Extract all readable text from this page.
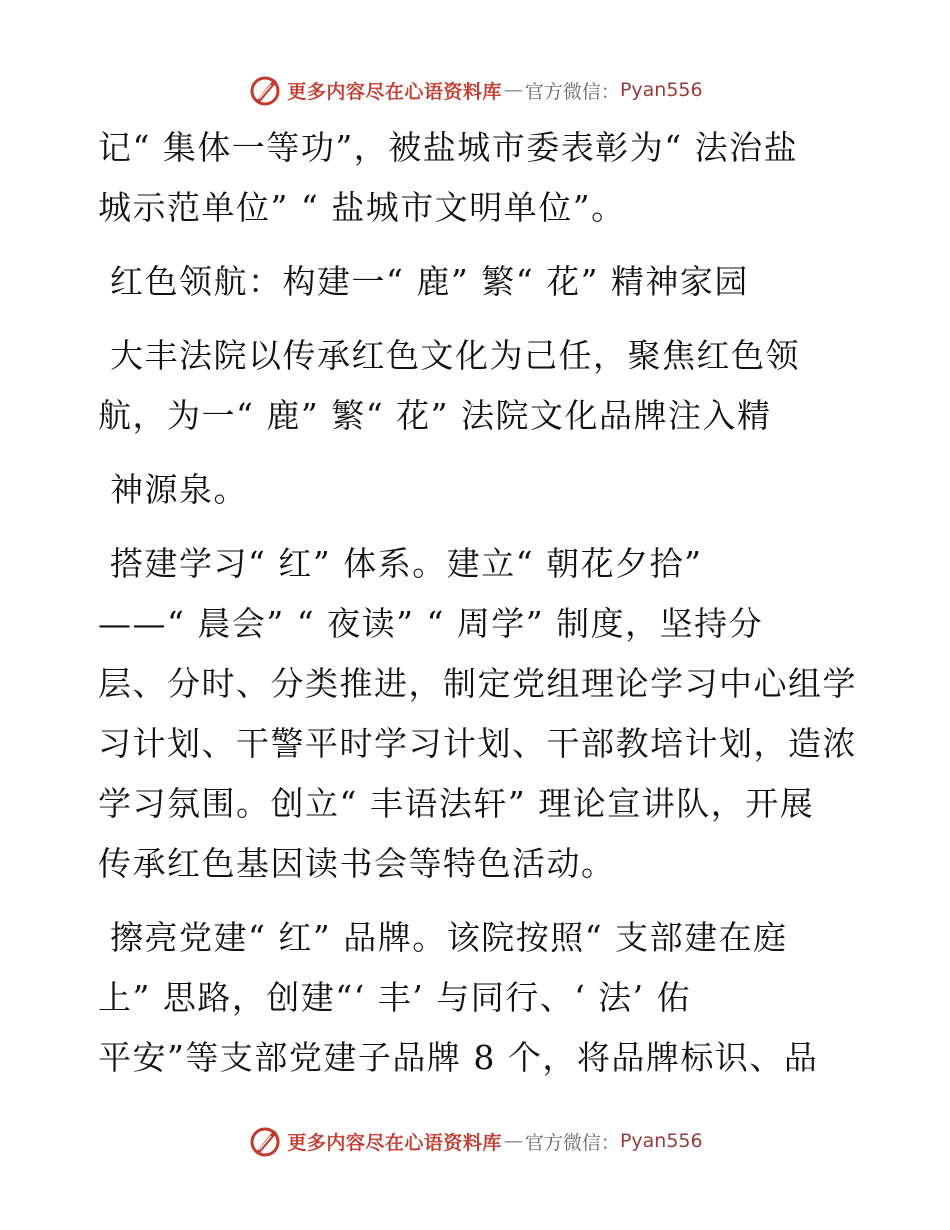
更多内容尽在心语资料库 — 官方微信： Pyan556
记“ 集体一等功”，被盐城市委表彰为“ 法治盐
城示范单位” “ 盐城市文明单位”。
红色领航：构建一“ 鹿” 繁“ 花” 精神家园
大丰法院以传承红色文化为己任，聚焦红色领
航，为一“ 鹿” 繁“ 花” 法院文化品牌注入精
神源泉。
搭建学习“ 红” 体系。建立“ 朝花夕拾”
——“ 晨会” “ 夜读” “ 周学” 制度，坚持分
层、分时、分类推进，制定党组理论学习中心组学
习计划、干警平时学习计划、干部教培计划，造浓
学习氛围。创立“ 丰语法轩” 理论宣讲队，开展
传承红色基因读书会等特色活动。
擦亮党建“ 红” 品牌。该院按照“ 支部建在庭
上” 思路，创建“‘ 丰’ 与同行、‘ 法’ 佑
平安”等支部党建子品牌 8 个，将品牌标识、品
更多内容尽在心语资料库 — 官方微信： Pyan556
